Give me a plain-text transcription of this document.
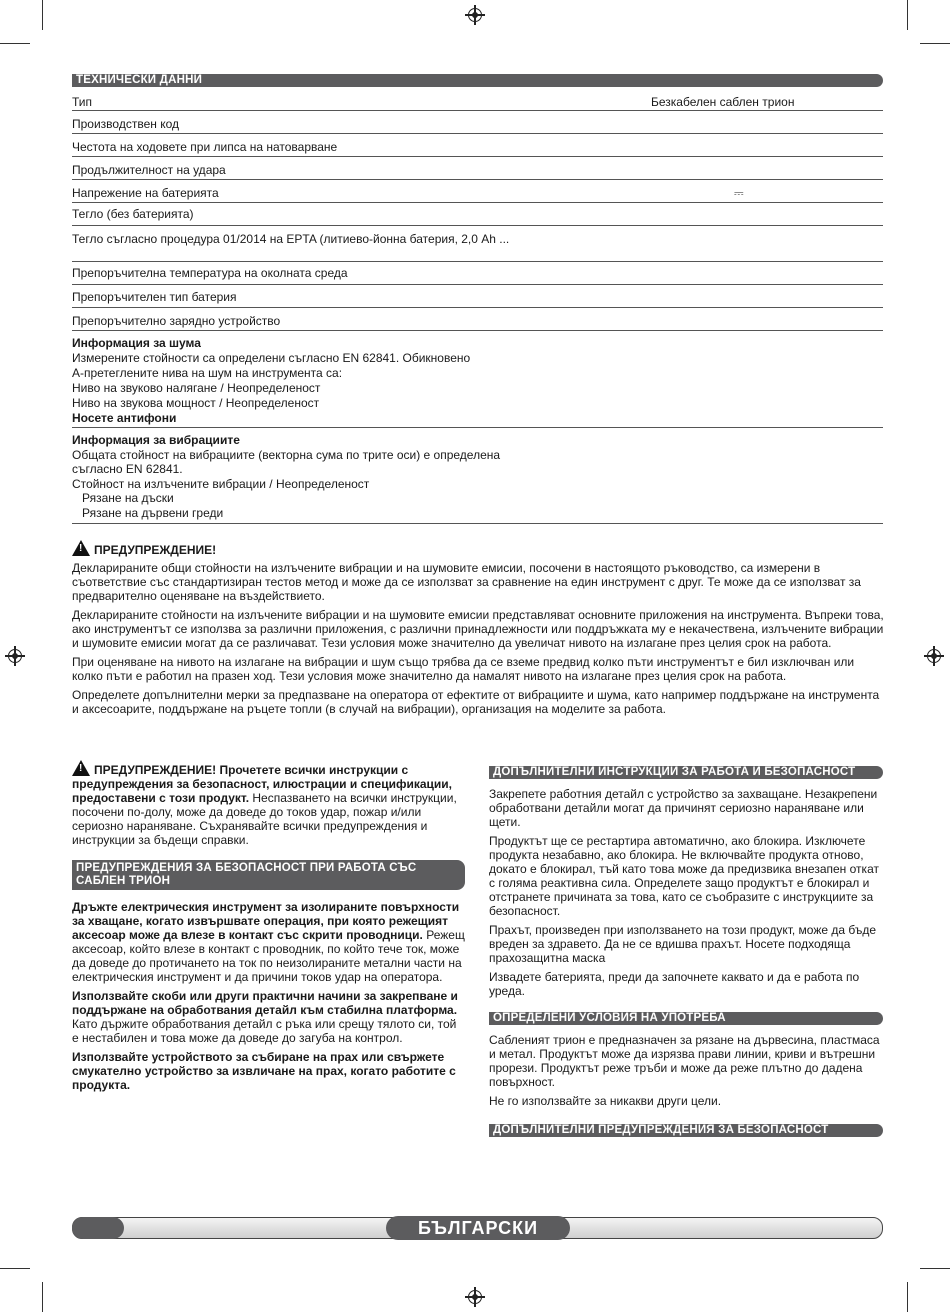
ТЕХНИЧЕСКИ ДАННИ
Тип	Безкабелен саблен трион
Производствен код
Честота на ходовете при липса на натоварване
Продължителност на удара
Напрежение на батерията	⎓
Тегло (без батерията)
Тегло съгласно процедура 01/2014 на EPTA (литиево-йонна батерия, 2,0 Ah ...
Препоръчителна температура на околната среда
Препоръчителен тип батерия
Препоръчително зарядно устройство
Информация за шума
Измерените стойности са определени съгласно EN 62841. Обикновено
А-претеглените нива на шум на инструмента са:
Ниво на звуково налягане / Неопределеност
Ниво на звукова мощност / Неопределеност
Носете антифони
Информация за вибрациите
Общата стойност на вибрациите (векторна сума по трите оси) е определена
съгласно EN 62841.
Стойност на излъчените вибрации / Неопределеност
Рязане на дъски
Рязане на дървени греди
! ПРЕДУПРЕЖДЕНИЕ!

Декларираните общи стойности на излъчените вибрации и на шумовите емисии, посочени в настоящото ръководство, са измерени в съответствие със стандартизиран тестов метод и може да се използват за сравнение на един инструмент с друг. Те може да се използват за предварително оценяване на въздействието.

Декларираните стойности на излъчените вибрации и на шумовите емисии представляват основните приложения на инструмента. Въпреки това, ако инструментът се използва за различни приложения, с различни принадлежности или поддръжката му е некачествена, излъчените вибрации и шумовите емисии могат да се различават. Тези условия може значително да увеличат нивото на излагане през целия срок на работа.

При оценяване на нивото на излагане на вибрации и шум също трябва да се вземе предвид колко пъти инструментът е бил изключван или колко пъти е работил на празен ход. Тези условия може значително да намалят нивото на излагане през целия срок на работа.

Определете допълнителни мерки за предпазване на оператора от ефектите от вибрациите и шума, като например поддържане на инструмента и аксесоарите, поддържане на ръцете топли (в случай на вибрации), организация на моделите за работа.

! ПРЕДУПРЕЖДЕНИЕ! Прочетете всички инструкции с предупреждения за безопасност, илюстрации и спецификации, предоставени с този продукт. Неспазването на всички инструкции, посочени по-долу, може да доведе до токов удар, пожар и/или сериозно нараняване. Съхранявайте всички предупреждения и инструкции за бъдещи справки.

ПРЕДУПРЕЖДЕНИЯ ЗА БЕЗОПАСНОСТ ПРИ РАБОТА СЪС САБЛЕН ТРИОН

Дръжте електрическия инструмент за изолираните повърхности за хващане, когато извършвате операция, при която режещият аксесоар може да влезе в контакт със скрити проводници. Режещ аксесоар, който влезе в контакт с проводник, по който тече ток, може да доведе до протичането на ток по неизолираните метални части на електрическия инструмент и да причини токов удар на оператора.

Използвайте скоби или други практични начини за закрепване и поддържане на обработвания детайл към стабилна платформа. Като държите обработвания детайл с ръка или срещу тялото си, той е нестабилен и това може да доведе до загуба на контрол.

Използвайте устройството за събиране на прах или свържете смукателно устройство за извличане на прах, когато работите с продукта.

ДОПЪЛНИТЕЛНИ ИНСТРУКЦИИ ЗА РАБОТА И БЕЗОПАСНОСТ

Закрепете работния детайл с устройство за захващане. Незакрепени обработвани детайли могат да причинят сериозно нараняване или щети.

Продуктът ще се рестартира автоматично, ако блокира. Изключете продукта незабавно, ако блокира. Не включвайте продукта отново, докато е блокирал, тъй като това може да предизвика внезапен откат с голяма реактивна сила. Определете защо продуктът е блокирал и отстранете причината за това, като се съобразите с инструкциите за безопасност.

Прахът, произведен при използването на този продукт, може да бъде вреден за здравето. Да не се вдишва прахът. Носете подходяща прахозащитна маска

Извадете батерията, преди да започнете каквато и да е работа по уреда.

ОПРЕДЕЛЕНИ УСЛОВИЯ НА УПОТРЕБА

Сабленият трион е предназначен за рязане на дървесина, пластмаса и метал. Продуктът може да изрязва прави линии, криви и вътрешни прорези. Продуктът реже тръби и може да реже плътно до дадена повърхност.

Не го използвайте за никакви други цели.

ДОПЪЛНИТЕЛНИ ПРЕДУПРЕЖДЕНИЯ ЗА БЕЗОПАСНОСТ
БЪЛГАРСКИ
